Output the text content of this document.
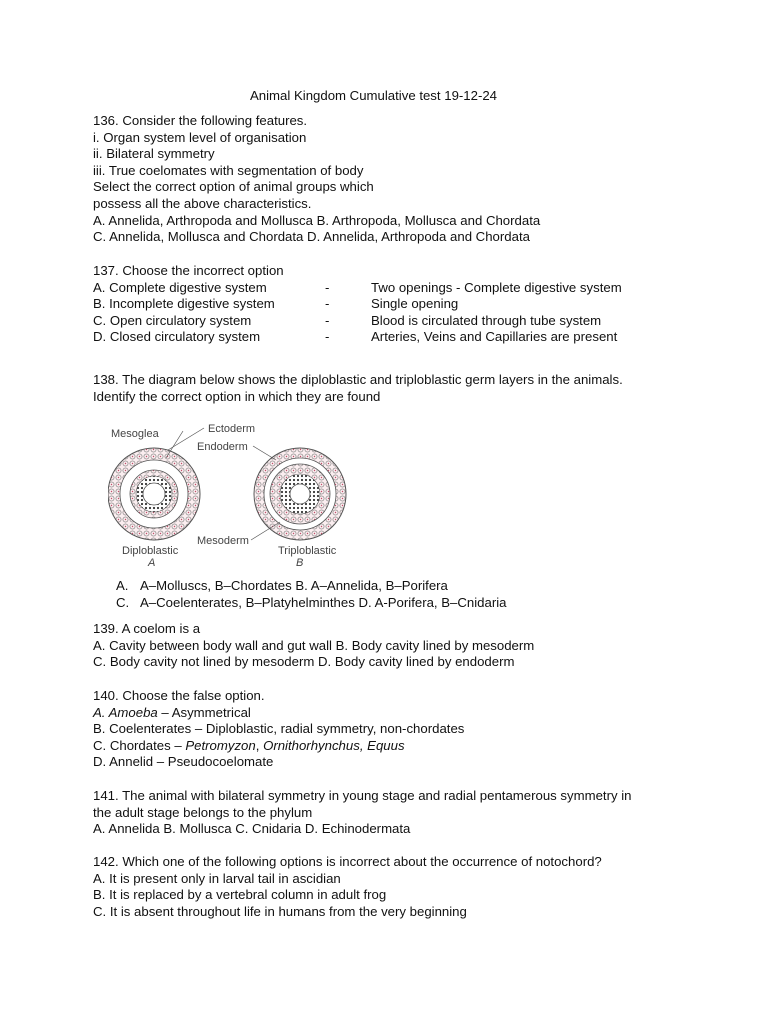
Animal Kingdom Cumulative test 19-12-24
136. Consider the following features.
i. Organ system level of organisation
ii. Bilateral symmetry
iii. True coelomates with segmentation of body
Select the correct option of animal groups which
possess all the above characteristics.
A. Annelida, Arthropoda and Mollusca B. Arthropoda, Mollusca and Chordata
C. Annelida, Mollusca and Chordata D. Annelida, Arthropoda and Chordata
137. Choose the incorrect option
A. Complete digestive system	-	Two openings - Complete digestive system
B. Incomplete digestive system	-	Single opening
C. Open circulatory system	-	Blood is circulated through tube system
D. Closed circulatory system	-	Arteries, Veins and Capillaries are present
138. The diagram below shows the diploblastic and triploblastic germ layers in the animals.
Identify the correct option in which they are found
Mesoglea	Ectoderm
Endoderm
Mesoderm
Diploblastic
A
Triploblastic
B
A. A–Molluscs, B–Chordates B. A–Annelida, B–Porifera
C. A–Coelenterates, B–Platyhelminthes D. A-Porifera, B–Cnidaria
139. A coelom is a
A. Cavity between body wall and gut wall B. Body cavity lined by mesoderm
C. Body cavity not lined by mesoderm D. Body cavity lined by endoderm
140. Choose the false option.
A. Amoeba – Asymmetrical
B. Coelenterates – Diploblastic, radial symmetry, non-chordates
C. Chordates – Petromyzon, Ornithorhynchus, Equus
D. Annelid – Pseudocoelomate
141. The animal with bilateral symmetry in young stage and radial pentamerous symmetry in
the adult stage belongs to the phylum
A. Annelida B. Mollusca C. Cnidaria D. Echinodermata
142. Which one of the following options is incorrect about the occurrence of notochord?
A. It is present only in larval tail in ascidian
B. It is replaced by a vertebral column in adult frog
C. It is absent throughout life in humans from the very beginning
